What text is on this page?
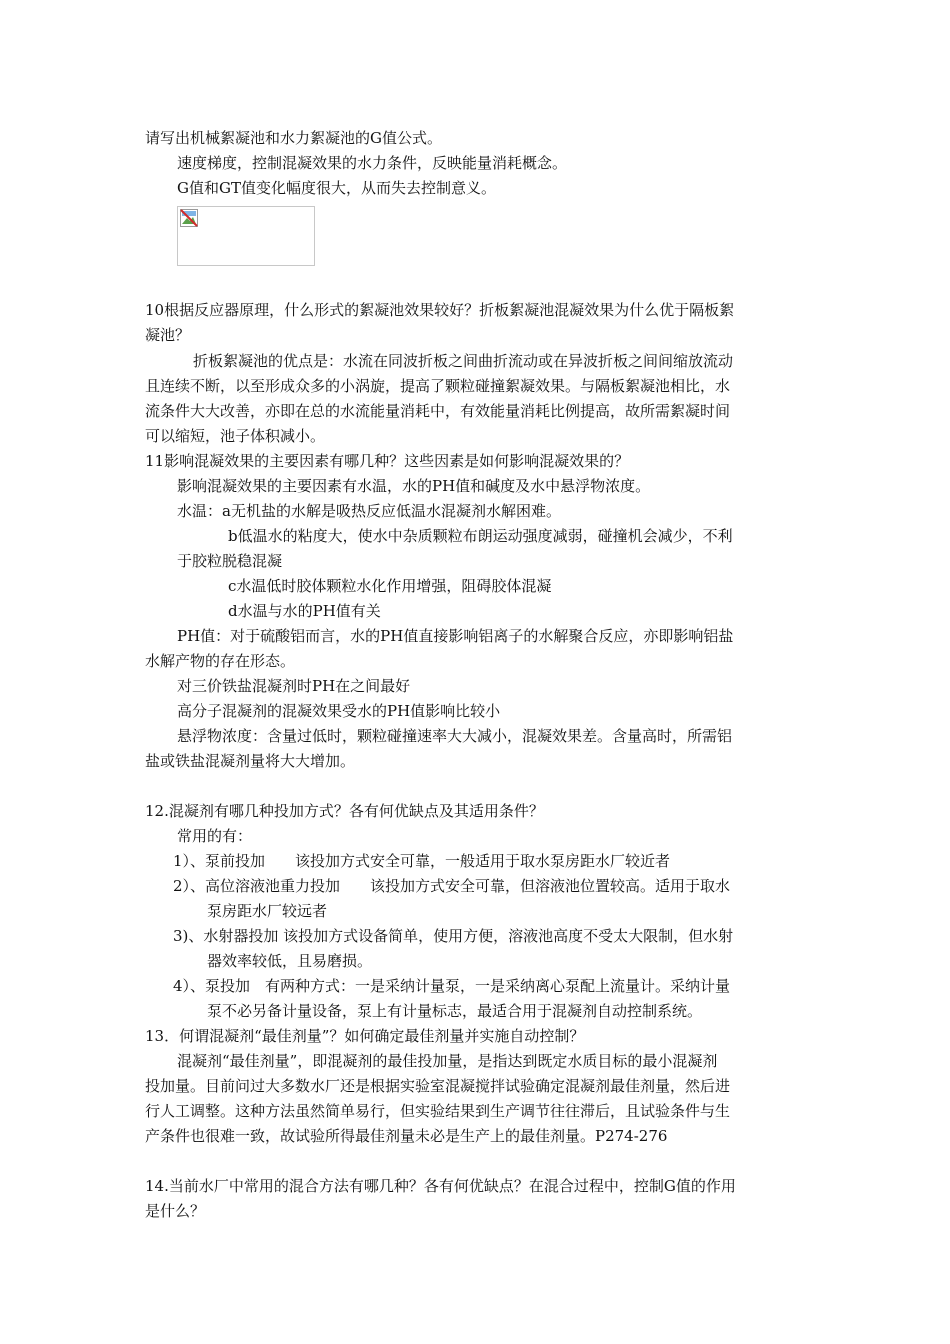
请写出机械絮凝池和水力絮凝池的G值公式。
速度梯度，控制混凝效果的水力条件，反映能量消耗概念。
G值和GT值变化幅度很大，从而失去控制意义。
10根据反应器原理，什么形式的絮凝池效果较好？折板絮凝池混凝效果为什么优于隔板絮
凝池？
折板絮凝池的优点是：水流在同波折板之间曲折流动或在异波折板之间间缩放流动
且连续不断，以至形成众多的小涡旋，提高了颗粒碰撞絮凝效果。与隔板絮凝池相比，水
流条件大大改善，亦即在总的水流能量消耗中，有效能量消耗比例提高，故所需絮凝时间
可以缩短，池子体积减小。
11影响混凝效果的主要因素有哪几种？这些因素是如何影响混凝效果的？
影响混凝效果的主要因素有水温，水的PH值和碱度及水中悬浮物浓度。
水温：a无机盐的水解是吸热反应低温水混凝剂水解困难。
b低温水的粘度大，使水中杂质颗粒布朗运动强度减弱，碰撞机会减少，不利
于胶粒脱稳混凝
c水温低时胶体颗粒水化作用增强，阻碍胶体混凝
d水温与水的PH值有关
PH值：对于硫酸铝而言，水的PH值直接影响铝离子的水解聚合反应，亦即影响铝盐
水解产物的存在形态。
对三价铁盐混凝剂时PH在之间最好
高分子混凝剂的混凝效果受水的PH值影响比较小
悬浮物浓度：含量过低时，颗粒碰撞速率大大减小，混凝效果差。含量高时，所需铝
盐或铁盐混凝剂量将大大增加。
12.混凝剂有哪几种投加方式？各有何优缺点及其适用条件？
常用的有：
1）、泵前投加　　该投加方式安全可靠，一般适用于取水泵房距水厂较近者
2）、高位溶液池重力投加　　该投加方式安全可靠，但溶液池位置较高。适用于取水
泵房距水厂较远者
3)、水射器投加 该投加方式设备简单，使用方便，溶液池高度不受太大限制，但水射
器效率较低，且易磨损。
4）、泵投加　有两种方式：一是采纳计量泵，一是采纳离心泵配上流量计。采纳计量
泵不必另备计量设备，泵上有计量标志，最适合用于混凝剂自动控制系统。
13．何谓混凝剂“最佳剂量”？如何确定最佳剂量并实施自动控制？
混凝剂“最佳剂量”，即混凝剂的最佳投加量，是指达到既定水质目标的最小混凝剂
投加量。目前问过大多数水厂还是根据实验室混凝搅拌试验确定混凝剂最佳剂量，然后进
行人工调整。这种方法虽然简单易行，但实验结果到生产调节往往滞后，且试验条件与生
产条件也很难一致，故试验所得最佳剂量未必是生产上的最佳剂量。P274-276
14.当前水厂中常用的混合方法有哪几种？各有何优缺点？在混合过程中，控制G值的作用
是什么？
